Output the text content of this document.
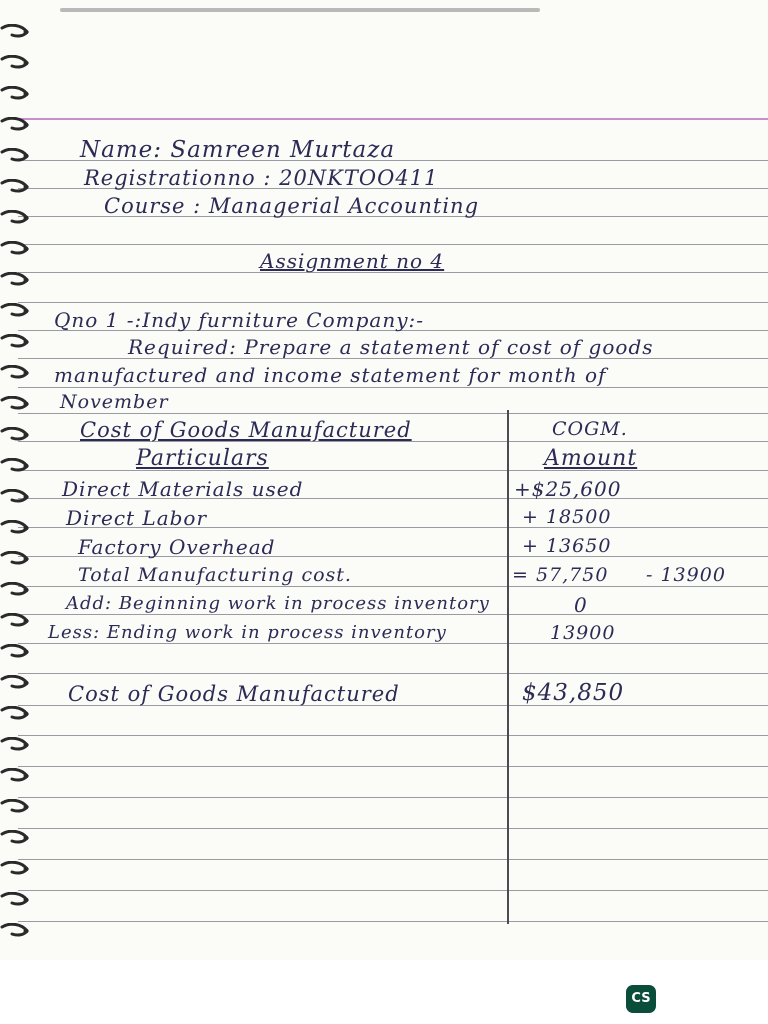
Name: Samreen Murtaza
Registrationno : 20NKTOO411
Course : Managerial Accounting
Assignment no 4
Qno 1 -:Indy furniture Company:-
Required: Prepare a statement of cost of goods
manufactured and income statement for month of
November
Cost of Goods Manufactured	COGM.
Particulars	Amount
Direct Materials used	+$25,600
Direct Labor	+ 18500
Factory Overhead	+ 13650
Total Manufacturing cost.	= 57,750 - 13900
Add: Beginning work in process inventory	0
Less: Ending work in process inventory	13900
Cost of Goods Manufactured	$43,850
CS
